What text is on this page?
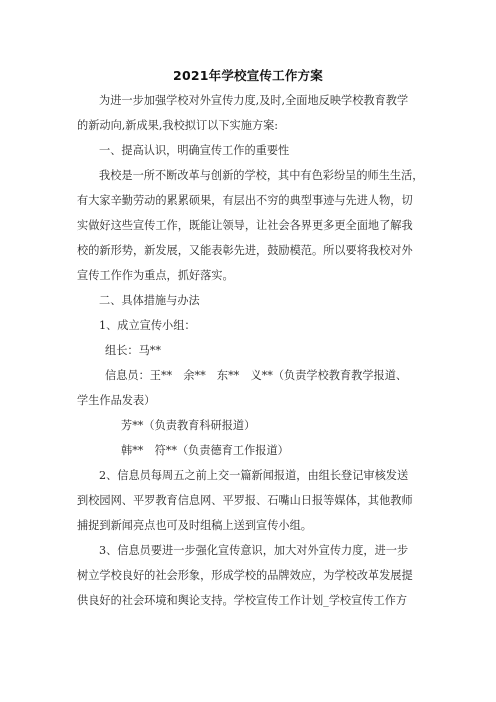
2021年学校宣传工作方案
为进一步加强学校对外宣传力度,及时,全面地反映学校教育教学
的新动向,新成果,我校拟订以下实施方案:
一、提高认识，明确宣传工作的重要性
我校是一所不断改革与创新的学校，其中有色彩纷呈的师生生活，
有大家辛勤劳动的累累硕果，有层出不穷的典型事迹与先进人物，切
实做好这些宣传工作，既能让领导，让社会各界更多更全面地了解我
校的新形势，新发展，又能表彰先进，鼓励模范。所以要将我校对外
宣传工作作为重点，抓好落实。
二、具体措施与办法
1、成立宣传小组：
组长：马**
信息员：王**　余**　东**　义**（负责学校教育教学报道、
学生作品发表）
芳**（负责教育科研报道）
韩**　符**（负责德育工作报道）
2、信息员每周五之前上交一篇新闻报道，由组长登记审核发送
到校园网、平罗教育信息网、平罗报、石嘴山日报等媒体，其他教师
捕捉到新闻亮点也可及时组稿上送到宣传小组。
3、信息员要进一步强化宣传意识，加大对外宣传力度，进一步
树立学校良好的社会形象，形成学校的品牌效应，为学校改革发展提
供良好的社会环境和舆论支持。学校宣传工作计划_学校宣传工作方
